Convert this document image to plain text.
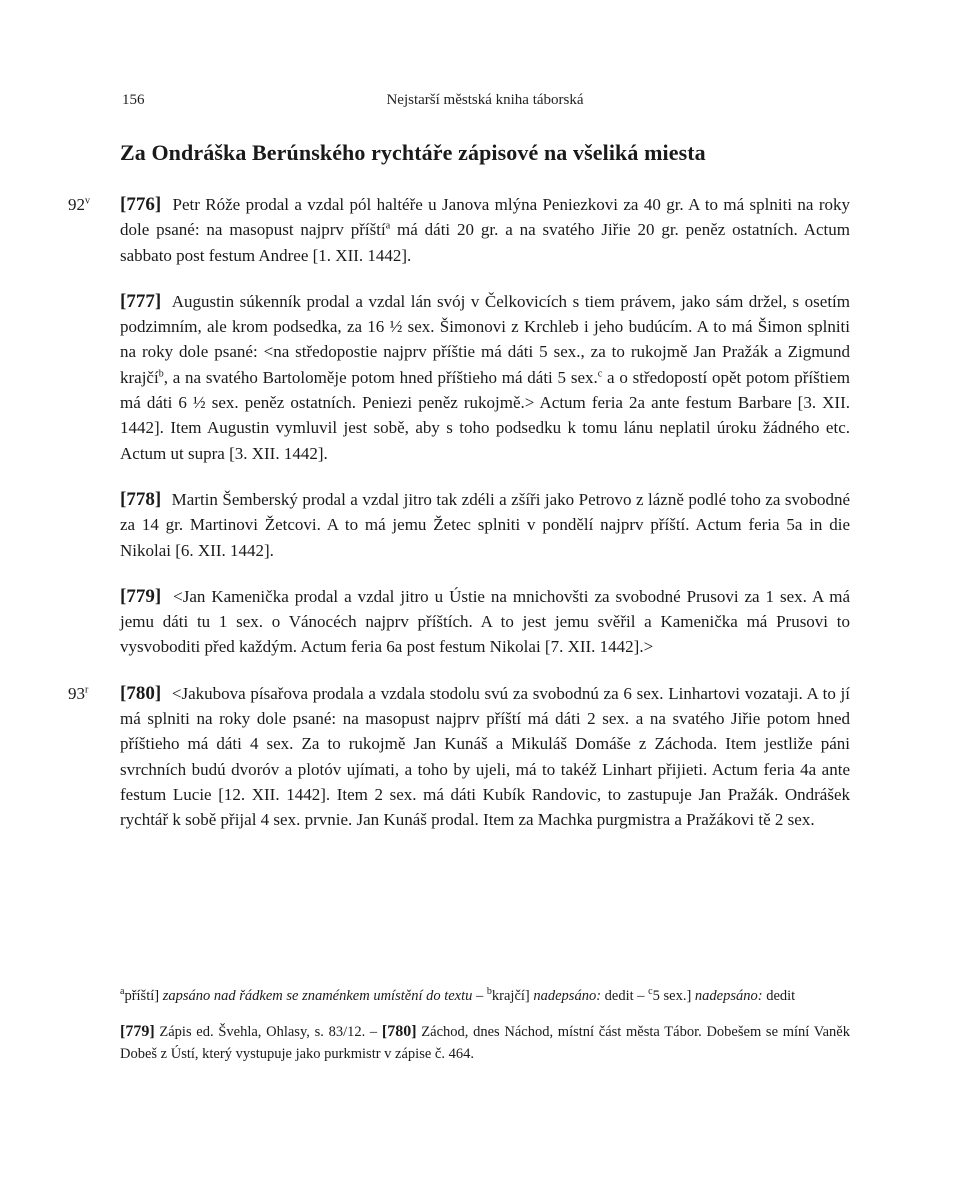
156	Nejstarší městská kniha táborská
Za Ondráška Berúnského rychtáře zápisové na všeliká miesta

92$^v$ [776] Petr Róže prodal a vzdal pól haltéře u Janova mlýna Peniezkovi za 40 gr. A to má splniti na roky dole psané: na masopust najprv příští$^a$ má dáti 20 gr. a na svatého Jiřie 20 gr. peněz ostatních. Actum sabbato post festum Andree [1. XII. 1442].

[777] Augustin súkenník prodal a vzdal lán svój v Čelkovicích s tiem právem, jako sám držel, s osetím podzimním, ale krom podsedka, za 16 ½ sex. Šimonovi z Krchleb i jeho budúcím. A to má Šimon splniti na roky dole psané: <na středopostie najprv příštie má dáti 5 sex., za to rukojmě Jan Pražák a Zigmund krajčí$^b$, a na svatého Bartoloměje potom hned příštieho má dáti 5 sex.$^c$ a o středopostí opět potom příštiem má dáti 6 ½ sex. peněz ostatních. Peniezi peněz rukojmě.> Actum feria 2a ante festum Barbare [3. XII. 1442]. Item Augustin vymluvil jest sobě, aby s toho podsedku k tomu lánu neplatil úroku žádného etc. Actum ut supra [3. XII. 1442].

[778] Martin Šemberský prodal a vzdal jitro tak zdéli a zšíři jako Petrovo z lázně podlé toho za svobodné za 14 gr. Martinovi Žetcovi. A to má jemu Žetec splniti v pondělí najprv příští. Actum feria 5a in die Nikolai [6. XII. 1442].

[779] <Jan Kamenička prodal a vzdal jitro u Ústie na mnichovšti za svobodné Prusovi za 1 sex. A má jemu dáti tu 1 sex. o Vánocéch najprv příštích. A to jest jemu svěřil a Kamenička má Prusovi to vysvoboditi před každým. Actum feria 6a post festum Nikolai [7. XII. 1442].>

93$^r$ [780] <Jakubova písařova prodala a vzdala stodolu svú za svobodnú za 6 sex. Linhartovi vozataji. A to jí má splniti na roky dole psané: na masopust najprv příští má dáti 2 sex. a na svatého Jiřie potom hned příštieho má dáti 4 sex. Za to rukojmě Jan Kunáš a Mikuláš Domáše z Záchoda. Item jestliže páni svrchních budú dvoróv a plotóv ujímati, a toho by ujeli, má to takéž Linhart přijieti. Actum feria 4a ante festum Lucie [12. XII. 1442]. Item 2 sex. má dáti Kubík Randovic, to zastupuje Jan Pražák. Ondrášek rychtář k sobě přijal 4 sex. prvnie. Jan Kunáš prodal. Item za Machka purgmistra a Pražákovi tě 2 sex.

$^a$příští] zapsáno nad řádkem se znaménkem umístění do textu – $^b$krajčí] nadepsáno: dedit – $^c$5 sex.] nadepsáno: dedit

[779] Zápis ed. Švehla, Ohlasy, s. 83/12. – [780] Záchod, dnes Náchod, místní část města Tábor. Dobešem se míní Vaněk Dobeš z Ústí, který vystupuje jako purkmistr v zápise č. 464.
